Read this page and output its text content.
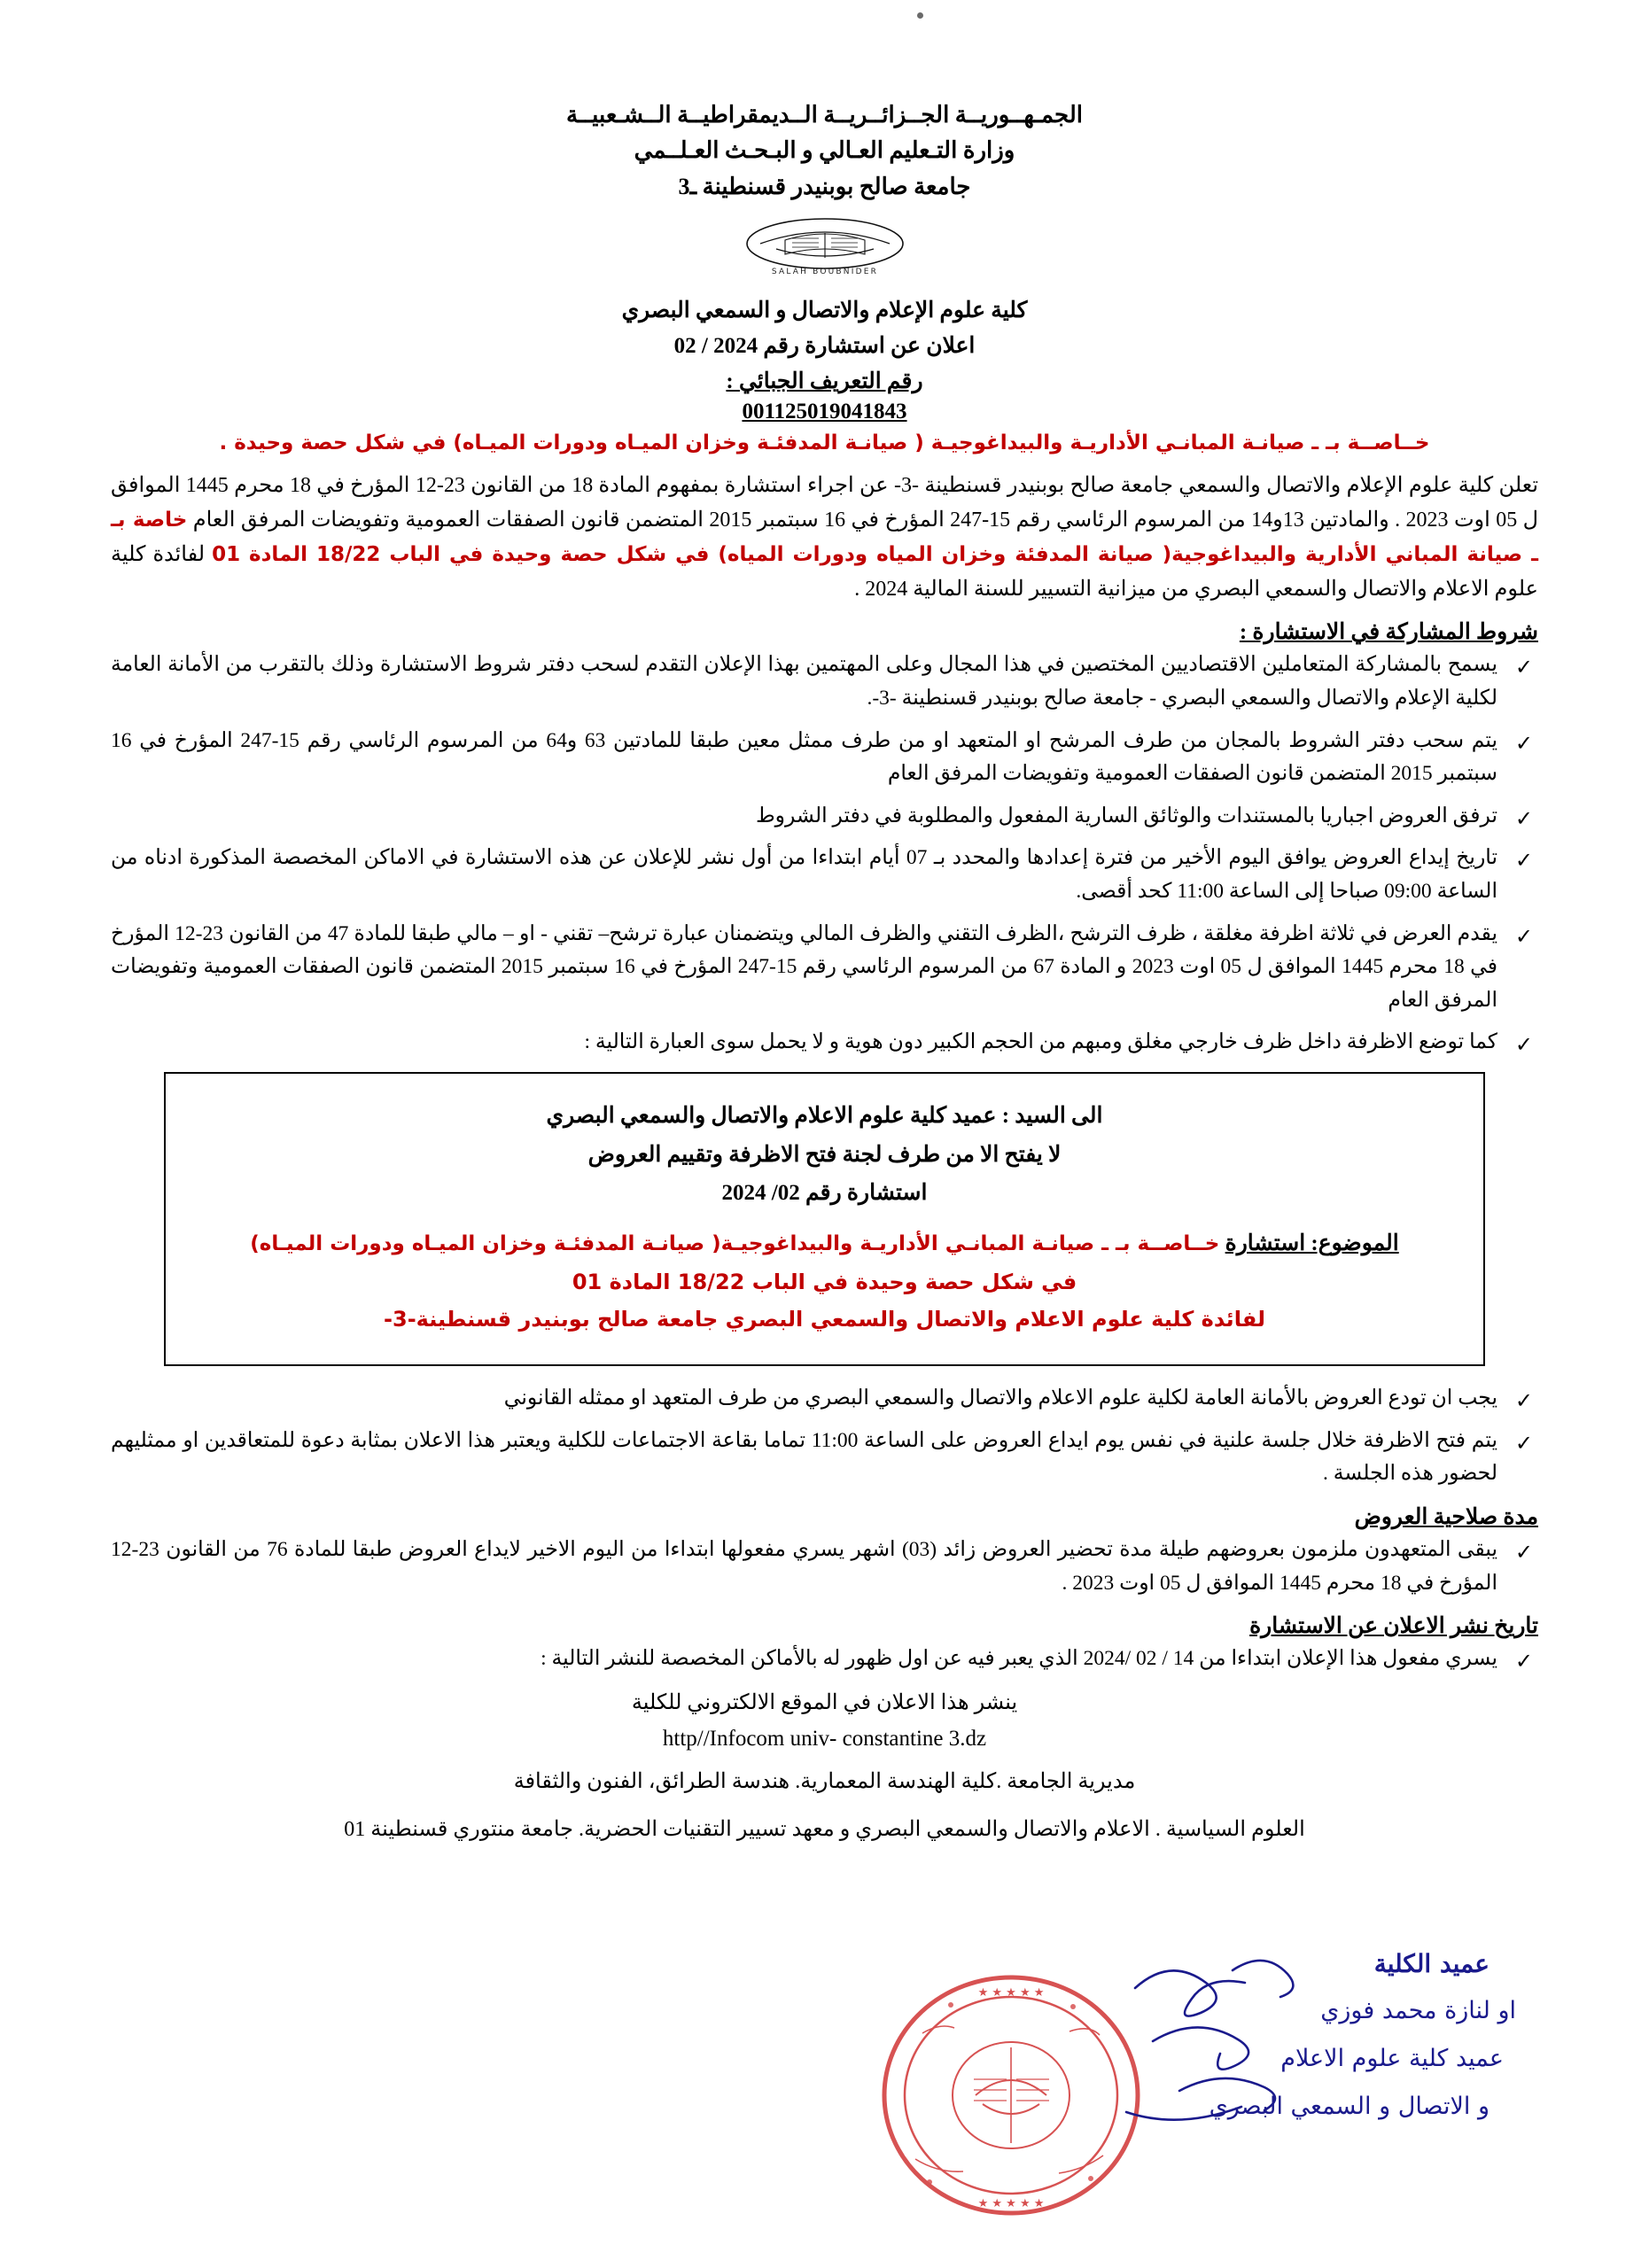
الجمـهــوريــة الجــزائــريــة الــديمقراطيــة الــشـعبيــة
وزارة التـعليم العـالي و البـحـث العـلــمي
جامعة صالح بوبنيدر قسنطينة ـ3
SALAH BOUBNIDER
كلية علوم الإعلام والاتصال و السمعي البصري
اعلان عن استشارة رقم 2024 / 02
رقم التعريف الجبائي :
001125019041843
خــاصــة بـ ـ صيانـة المبانـي الأداريـة والبيداغوجيـة ( صيانـة المدفئـة وخزان الميـاه ودورات الميـاه) في شكل حصة وحيدة .
تعلن كلية علوم الإعلام والاتصال والسمعي جامعة صالح بوبنيدر قسنطينة -3- عن اجراء استشارة بمفهوم المادة 18 من القانون 23-12 المؤرخ في 18 محرم 1445 الموافق ل 05 اوت 2023 . والمادتين 13و14 من المرسوم الرئاسي رقم 15-247 المؤرخ في 16 سبتمبر 2015 المتضمن قانون الصفقات العمومية وتفويضات المرفق العام خاصة بـ ـ صيانة المباني الأدارية والبيداغوجية( صيانة المدفئة وخزان المياه ودورات المياه) في شكل حصة وحيدة في الباب 18/22 المادة 01 لفائدة كلية علوم الاعلام والاتصال والسمعي البصري من ميزانية التسيير للسنة المالية 2024 .
شروط المشاركة في الاستشارة :
✓
يسمح بالمشاركة المتعاملين الاقتصاديين المختصين في هذا المجال وعلى المهتمين بهذا الإعلان التقدم لسحب دفتر شروط الاستشارة وذلك بالتقرب من الأمانة العامة لكلية الإعلام والاتصال والسمعي البصري - جامعة صالح بوبنيدر قسنطينة -3-.
✓
يتم سحب دفتر الشروط بالمجان من طرف المرشح او المتعهد او من طرف ممثل معين طبقا للمادتين 63 و64 من المرسوم الرئاسي رقم 15-247 المؤرخ في 16 سبتمبر 2015 المتضمن قانون الصفقات العمومية وتفويضات المرفق العام
✓
ترفق العروض اجباريا بالمستندات والوثائق السارية المفعول والمطلوبة في دفتر الشروط
✓
تاريخ إيداع العروض يوافق اليوم الأخير من فترة إعدادها والمحدد بـ 07 أيام ابتداءا من أول نشر للإعلان عن هذه الاستشارة في الاماكن المخصصة المذكورة ادناه من الساعة 09:00 صباحا إلى الساعة 11:00 كحد أقصى.
✓
يقدم العرض في ثلاثة اظرفة مغلقة ، ظرف الترشح ،الظرف التقني والظرف المالي ويتضمنان عبارة ترشح– تقني - او – مالي طبقا للمادة 47 من القانون 23-12 المؤرخ في 18 محرم 1445 الموافق ل 05 اوت 2023 و المادة 67 من المرسوم الرئاسي رقم 15-247 المؤرخ في 16 سبتمبر 2015 المتضمن قانون الصفقات العمومية وتفويضات المرفق العام
✓
كما توضع الاظرفة داخل ظرف خارجي مغلق ومبهم من الحجم الكبير دون هوية و لا يحمل سوى العبارة التالية :
الى السيد : عميد كلية علوم الاعلام والاتصال والسمعي البصري
لا يفتح الا من طرف لجنة فتح الاظرفة وتقييم العروض
استشارة رقم 02/ 2024
الموضوع: استشارة خــاصــة بـ ـ صيانـة المبانـي الأداريـة والبيداغوجيـة( صيانـة المدفئـة وخزان الميـاه ودورات الميـاه)
في شكل حصة وحيدة في الباب 18/22 المادة 01
لفائدة كلية علوم الاعلام والاتصال والسمعي البصري جامعة صالح بوبنيدر قسنطينة-3-
✓
يجب ان تودع العروض بالأمانة العامة لكلية علوم الاعلام والاتصال والسمعي البصري من طرف المتعهد او ممثله القانوني
✓
يتم فتح الاظرفة خلال جلسة علنية في نفس يوم ايداع العروض على الساعة 11:00 تماما بقاعة الاجتماعات للكلية ويعتبر هذا الاعلان بمثابة دعوة للمتعاقدين او ممثليهم لحضور هذه الجلسة .
مدة صلاحية العروض
✓
يبقى المتعهدون ملزمون بعروضهم طيلة مدة تحضير العروض زائد (03) اشهر يسري مفعولها ابتداءا من اليوم الاخير لايداع العروض طبقا للمادة 76 من القانون 23-12 المؤرخ في 18 محرم 1445 الموافق ل 05 اوت 2023 .
تاريخ نشر الاعلان عن الاستشارة
✓
يسري مفعول هذا الإعلان ابتداءا من 14 / 02 /2024 الذي يعبر فيه عن اول ظهور له بالأماكن المخصصة للنشر التالية :
ينشر هذا الاعلان في الموقع الالكتروني للكلية
http//Infocom univ- constantine 3.dz
مديرية الجامعة .كلية الهندسة المعمارية. هندسة الطرائق، الفنون والثقافة
العلوم السياسية . الاعلام والاتصال والسمعي البصري و معهد تسيير التقنيات الحضرية. جامعة منتوري قسنطينة 01
★ ★ ★ ★ ★
★ ★ ★ ★ ★
عميد الكلية
او لنازة محمد فوزي
عميد كلية علوم الاعلام
و الاتصال و السمعي البصري
